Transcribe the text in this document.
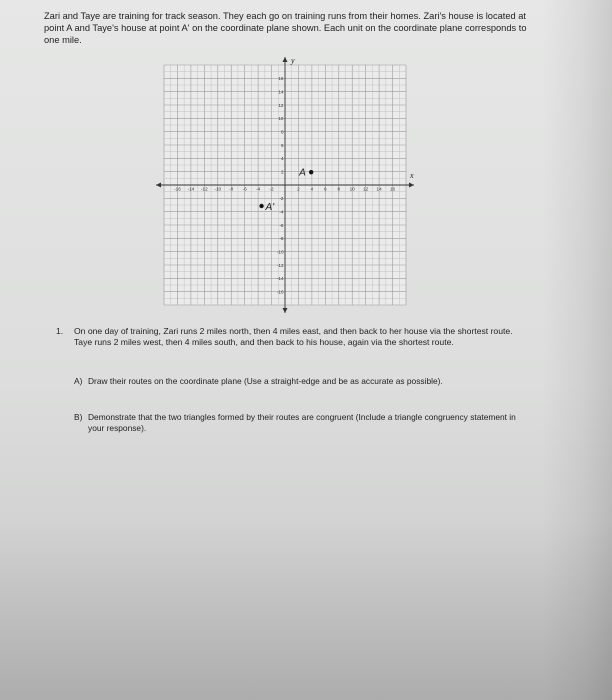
Zari and Taye are training for track season. They each go on training runs from their homes. Zari's house is located at point A and Taye's house at point A' on the coordinate plane shown. Each unit on the coordinate plane corresponds to one mile.
x
y
-16 -14 -12 -10 -8 -6 -4 -2	2 4 6 8 10 12 14 16
16
14
12
10
8
6
4
2
-2
-4
-6
-8
-10
-12
-14
-16
A
A'
1.	On one day of training, Zari runs 2 miles north, then 4 miles east, and then back to her house via the shortest route. Taye runs 2 miles west, then 4 miles south, and then back to his house, again via the shortest route.
A) Draw their routes on the coordinate plane (Use a straight-edge and be as accurate as possible).
B) Demonstrate that the two triangles formed by their routes are congruent (Include a triangle congruency statement in your response).
